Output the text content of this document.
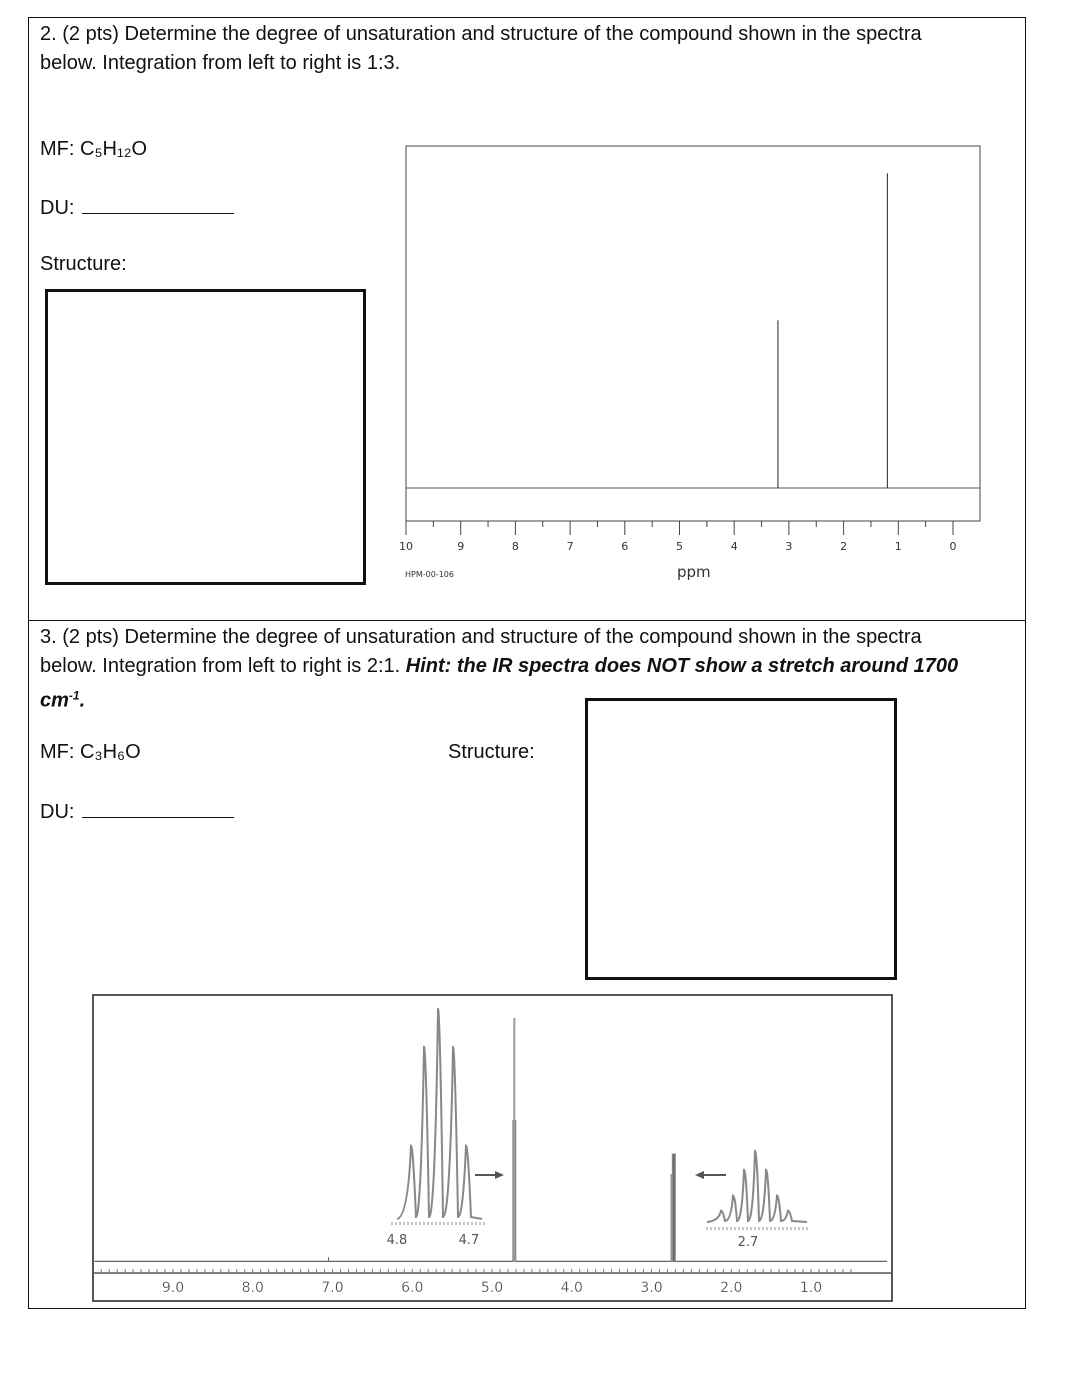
2. (2 pts) Determine the degree of unsaturation and structure of the compound shown in the spectra
below. Integration from left to right is 1:3.
MF: C₅H₁₂O
DU:
Structure:
10	9	8	7	6	5	4	3	2	1	0
ppm
HPM-00-106
3. (2 pts) Determine the degree of unsaturation and structure of the compound shown in the spectra
below. Integration from left to right is 2:1. Hint: the IR spectra does NOT show a stretch around 1700
$cm^{-1}$.
MF: C₃H₆O	Structure:
DU:
4.8	4.7	2.7
9.0	8.0	7.0	6.0	5.0	4.0	3.0	2.0	1.0
